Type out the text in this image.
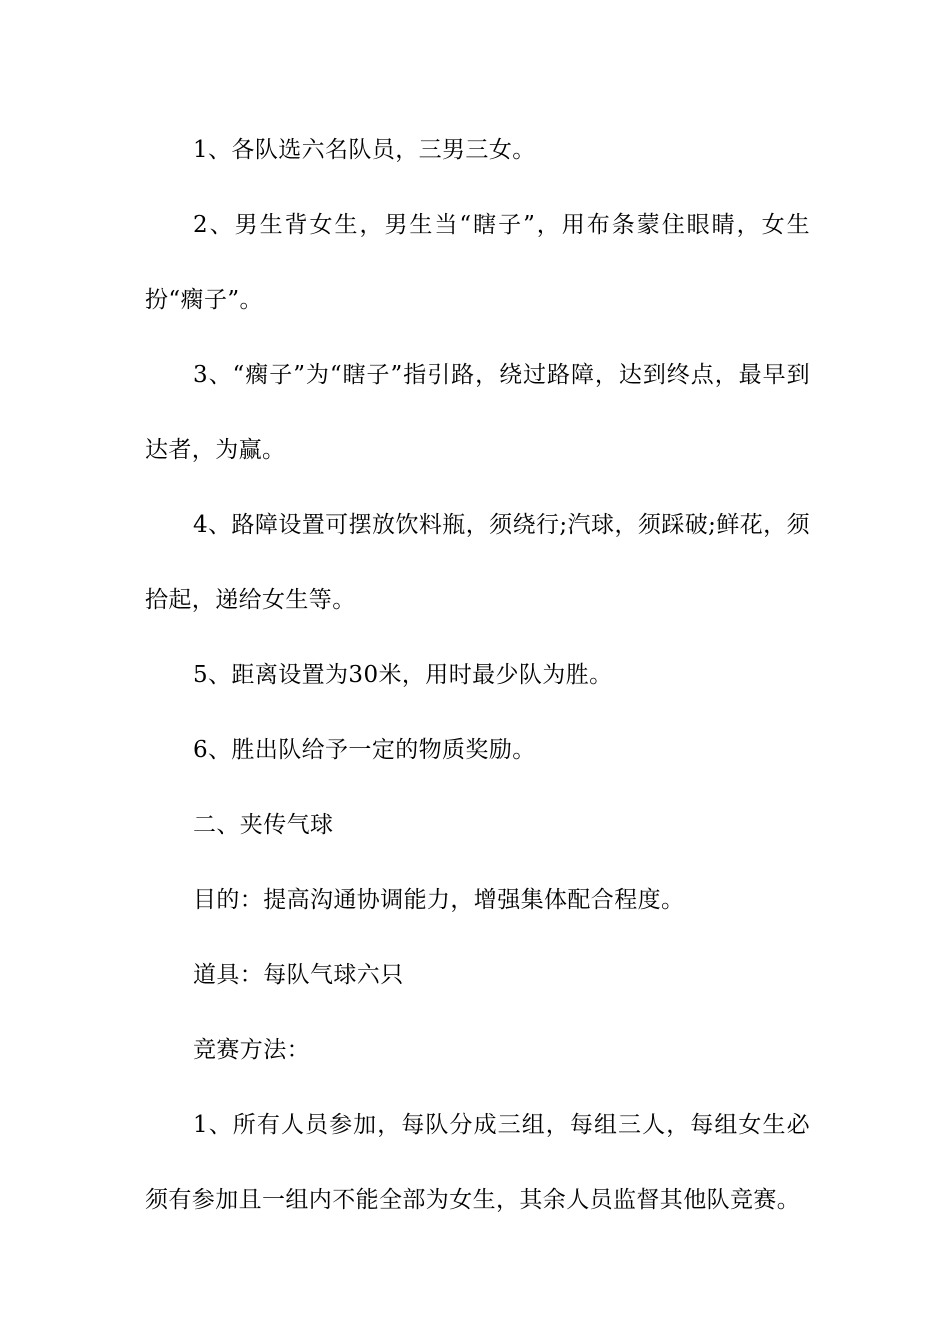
1、各队选六名队员，三男三女。

2、男生背女生，男生当“瞎子”，用布条蒙住眼睛，女生扮“瘸子”。

3、“瘸子”为“瞎子”指引路，绕过路障，达到终点，最早到达者，为赢。

4、路障设置可摆放饮料瓶，须绕行;汽球，须踩破;鲜花，须拾起，递给女生等。

5、距离设置为30米，用时最少队为胜。

6、胜出队给予一定的物质奖励。

二、夹传气球

目的：提高沟通协调能力，增强集体配合程度。

道具：每队气球六只

竞赛方法：

1、所有人员参加，每队分成三组，每组三人，每组女生必须有参加且一组内不能全部为女生，其余人员监督其他队竞赛。
